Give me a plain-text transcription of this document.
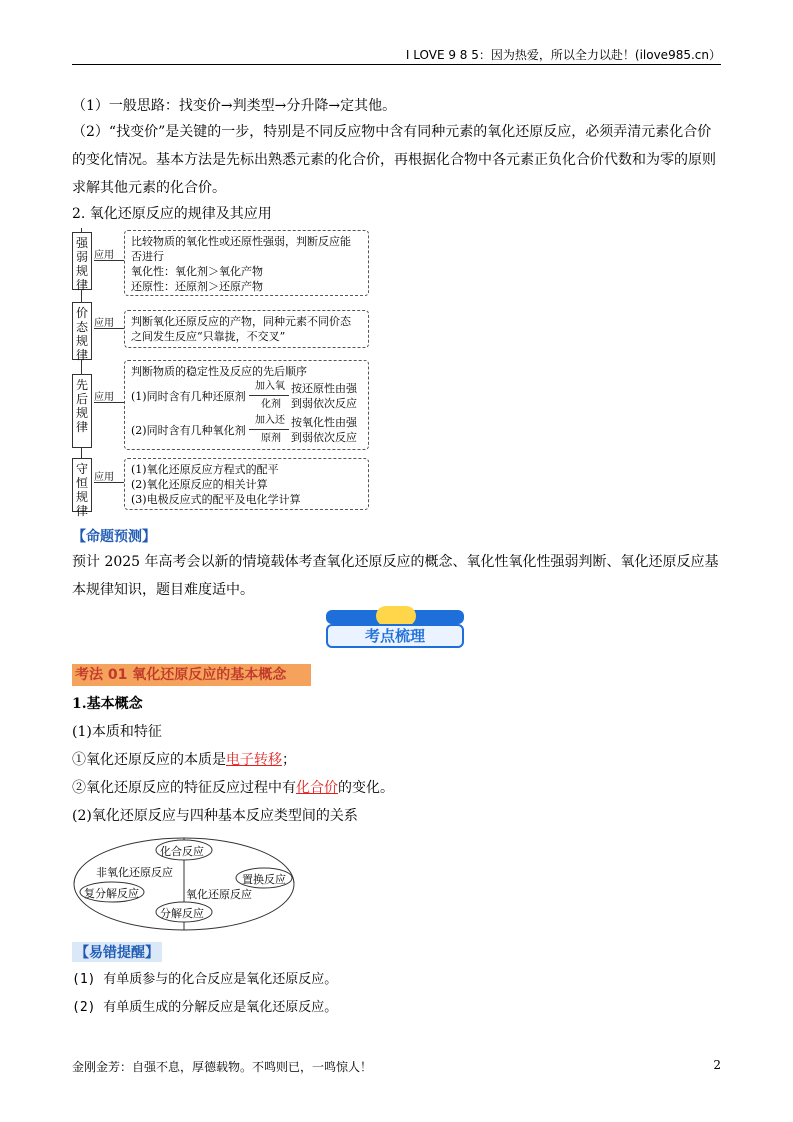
I LOVE 9 8 5：因为热爱，所以全力以赴！(ilove985.cn）
（1）一般思路：找变价→判类型→分升降→定其他。
（2）“找变价”是关键的一步，特别是不同反应物中含有同种元素的氧化还原反应，必须弄清元素化合价的变化情况。基本方法是先标出熟悉元素的化合价，再根据化合物中各元素正负化合价代数和为零的原则求解其他元素的化合价。
2. 氧化还原反应的规律及其应用
强弱规律
应用
比较物质的氧化性或还原性强弱，判断反应能
否进行
氧化性：氧化剂＞氧化产物
还原性：还原剂＞还原产物
价态规律
应用 判断氧化还原反应的产物，同种元素不同价态
之间发生反应“只靠拢，不交叉”
先后规律
应用
判断物质的稳定性及反应的先后顺序
(1)同时含有几种还原剂
加入氧
化剂
按还原性由强
到弱依次反应
(2)同时含有几种氧化剂
加入还
原剂
按氧化性由强
到弱依次反应
守恒规律
应用
(1)氧化还原反应方程式的配平
(2)氧化还原反应的相关计算
(3)电极反应式的配平及电化学计算
【命题预测】
预计 2025 年高考会以新的情境载体考查氧化还原反应的概念、氧化性氧化性强弱判断、氧化还原反应基本规律知识，题目难度适中。
考点梳理
考法 01 氧化还原反应的基本概念
1.基本概念
(1)本质和特征
①氧化还原反应的本质是电子转移；
②氧化还原反应的特征反应过程中有化合价的变化。
(2)氧化还原反应与四种基本反应类型间的关系
化合反应
非氧化还原反应
复分解反应	氧化还原反应
置换反应
分解反应
【易错提醒】
(1) 有单质参与的化合反应是氧化还原反应。
(2) 有单质生成的分解反应是氧化还原反应。
金刚金芳：自强不息，厚德载物。不鸣则已，一鸣惊人！	2
